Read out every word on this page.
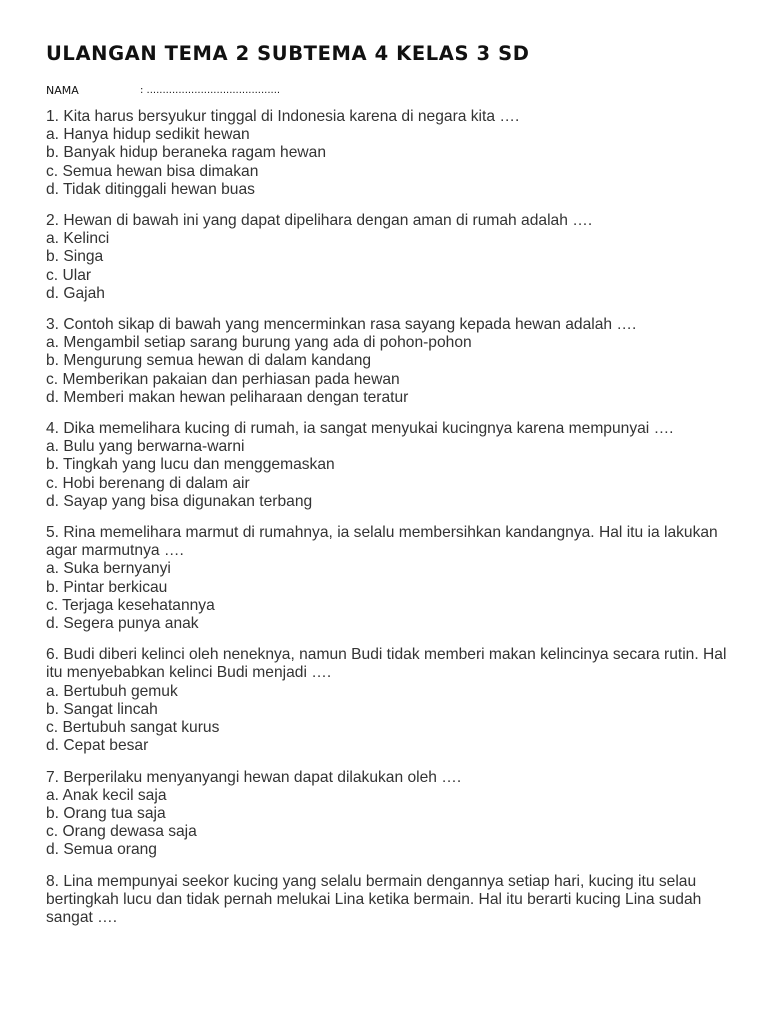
ULANGAN TEMA 2 SUBTEMA 4 KELAS 3 SD
NAMA	: ..........................................
1. Kita harus bersyukur tinggal di Indonesia karena di negara kita ….
a. Hanya hidup sedikit hewan
b. Banyak hidup beraneka ragam hewan
c. Semua hewan bisa dimakan
d. Tidak ditinggali hewan buas
2. Hewan di bawah ini yang dapat dipelihara dengan aman di rumah adalah ….
a. Kelinci
b. Singa
c. Ular
d. Gajah
3. Contoh sikap di bawah yang mencerminkan rasa sayang kepada hewan adalah ….
a. Mengambil setiap sarang burung yang ada di pohon-pohon
b. Mengurung semua hewan di dalam kandang
c. Memberikan pakaian dan perhiasan pada hewan
d. Memberi makan hewan peliharaan dengan teratur
4. Dika memelihara kucing di rumah, ia sangat menyukai kucingnya karena mempunyai ….
a. Bulu yang berwarna-warni
b. Tingkah yang lucu dan menggemaskan
c. Hobi berenang di dalam air
d. Sayap yang bisa digunakan terbang
5. Rina memelihara marmut di rumahnya, ia selalu membersihkan kandangnya. Hal itu ia lakukan agar marmutnya ….
a. Suka bernyanyi
b. Pintar berkicau
c. Terjaga kesehatannya
d. Segera punya anak
6. Budi diberi kelinci oleh neneknya, namun Budi tidak memberi makan kelincinya secara rutin. Hal itu menyebabkan kelinci Budi menjadi ….
a. Bertubuh gemuk
b. Sangat lincah
c. Bertubuh sangat kurus
d. Cepat besar
7. Berperilaku menyanyangi hewan dapat dilakukan oleh ….
a. Anak kecil saja
b. Orang tua saja
c. Orang dewasa saja
d. Semua orang
8. Lina mempunyai seekor kucing yang selalu bermain dengannya setiap hari, kucing itu selau bertingkah lucu dan tidak pernah melukai Lina ketika bermain. Hal itu berarti kucing Lina sudah sangat ….
